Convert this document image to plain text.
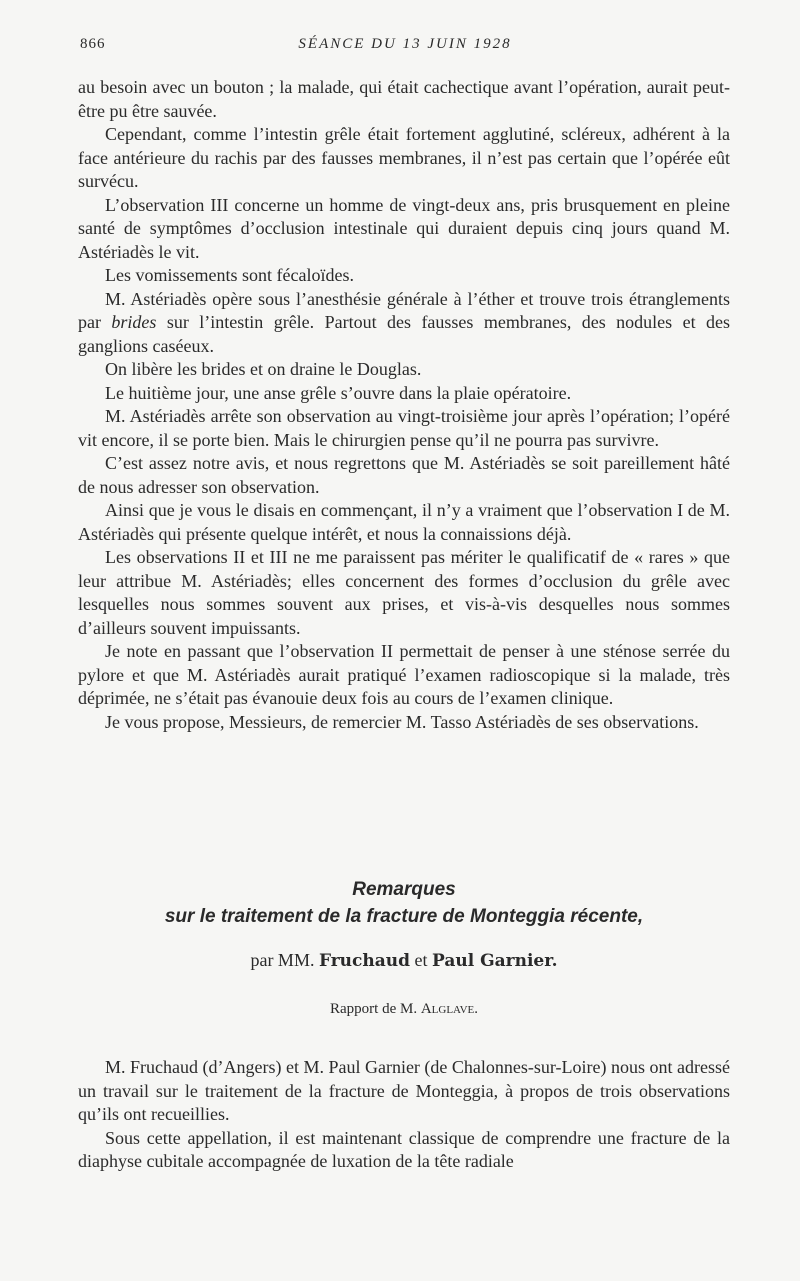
866	SÉANCE DU 13 JUIN 1928

au besoin avec un bouton ; la malade, qui était cachectique avant l’opération, aurait peut-être pu être sauvée.

Cependant, comme l’intestin grêle était fortement agglutiné, scléreux, adhérent à la face antérieure du rachis par des fausses membranes, il n’est pas certain que l’opérée eût survécu.

L’observation III concerne un homme de vingt-deux ans, pris brusquement en pleine santé de symptômes d’occlusion intestinale qui duraient depuis cinq jours quand M. Astériadès le vit.

Les vomissements sont fécaloïdes.

M. Astériadès opère sous l’anesthésie générale à l’éther et trouve trois étranglements par brides sur l’intestin grêle. Partout des fausses membranes, des nodules et des ganglions caséeux.

On libère les brides et on draine le Douglas.

Le huitième jour, une anse grêle s’ouvre dans la plaie opératoire.

M. Astériadès arrête son observation au vingt-troisième jour après l’opération; l’opéré vit encore, il se porte bien. Mais le chirurgien pense qu’il ne pourra pas survivre.

C’est assez notre avis, et nous regrettons que M. Astériadès se soit pareillement hâté de nous adresser son observation.

Ainsi que je vous le disais en commençant, il n’y a vraiment que l’observation I de M. Astériadès qui présente quelque intérêt, et nous la connaissions déjà.

Les observations II et III ne me paraissent pas mériter le qualificatif de « rares » que leur attribue M. Astériadès; elles concernent des formes d’occlusion du grêle avec lesquelles nous sommes souvent aux prises, et vis-à-vis desquelles nous sommes d’ailleurs souvent impuissants.

Je note en passant que l’observation II permettait de penser à une sténose serrée du pylore et que M. Astériadès aurait pratiqué l’examen radioscopique si la malade, très déprimée, ne s’était pas évanouie deux fois au cours de l’examen clinique.

Je vous propose, Messieurs, de remercier M. Tasso Astériadès de ses observations.

Remarques
sur le traitement de la fracture de Monteggia récente,
par MM. Fruchaud et Paul Garnier.
Rapport de M. Alglave.

M. Fruchaud (d’Angers) et M. Paul Garnier (de Chalonnes-sur-Loire) nous ont adressé un travail sur le traitement de la fracture de Monteggia, à propos de trois observations qu’ils ont recueillies.

Sous cette appellation, il est maintenant classique de comprendre une fracture de la diaphyse cubitale accompagnée de luxation de la tête radiale
